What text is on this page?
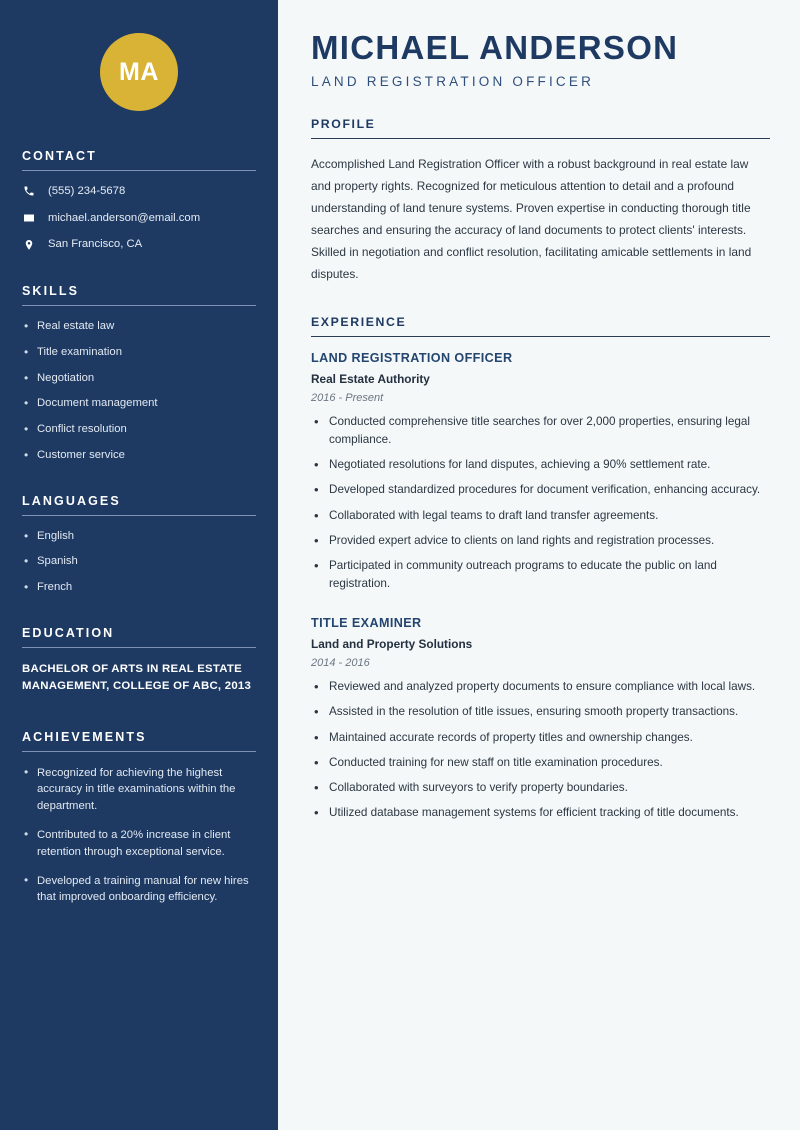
MA
CONTACT
(555) 234-5678
michael.anderson@email.com
San Francisco, CA
SKILLS
• Real estate law
• Title examination
• Negotiation
• Document management
• Conflict resolution
• Customer service
LANGUAGES
• English
• Spanish
• French
EDUCATION
BACHELOR OF ARTS IN REAL ESTATE MANAGEMENT, COLLEGE OF ABC, 2013
ACHIEVEMENTS
• Recognized for achieving the highest accuracy in title examinations within the department.
• Contributed to a 20% increase in client retention through exceptional service.
• Developed a training manual for new hires that improved onboarding efficiency.
MICHAEL ANDERSON
LAND REGISTRATION OFFICER
PROFILE

Accomplished Land Registration Officer with a robust background in real estate law and property rights. Recognized for meticulous attention to detail and a profound understanding of land tenure systems. Proven expertise in conducting thorough title searches and ensuring the accuracy of land documents to protect clients' interests. Skilled in negotiation and conflict resolution, facilitating amicable settlements in land disputes.

EXPERIENCE
LAND REGISTRATION OFFICER
Real Estate Authority
2016 - Present
• Conducted comprehensive title searches for over 2,000 properties, ensuring legal compliance.
• Negotiated resolutions for land disputes, achieving a 90% settlement rate.
• Developed standardized procedures for document verification, enhancing accuracy.
• Collaborated with legal teams to draft land transfer agreements.
• Provided expert advice to clients on land rights and registration processes.
• Participated in community outreach programs to educate the public on land registration.
TITLE EXAMINER
Land and Property Solutions
2014 - 2016
• Reviewed and analyzed property documents to ensure compliance with local laws.
• Assisted in the resolution of title issues, ensuring smooth property transactions.
• Maintained accurate records of property titles and ownership changes.
• Conducted training for new staff on title examination procedures.
• Collaborated with surveyors to verify property boundaries.
• Utilized database management systems for efficient tracking of title documents.
